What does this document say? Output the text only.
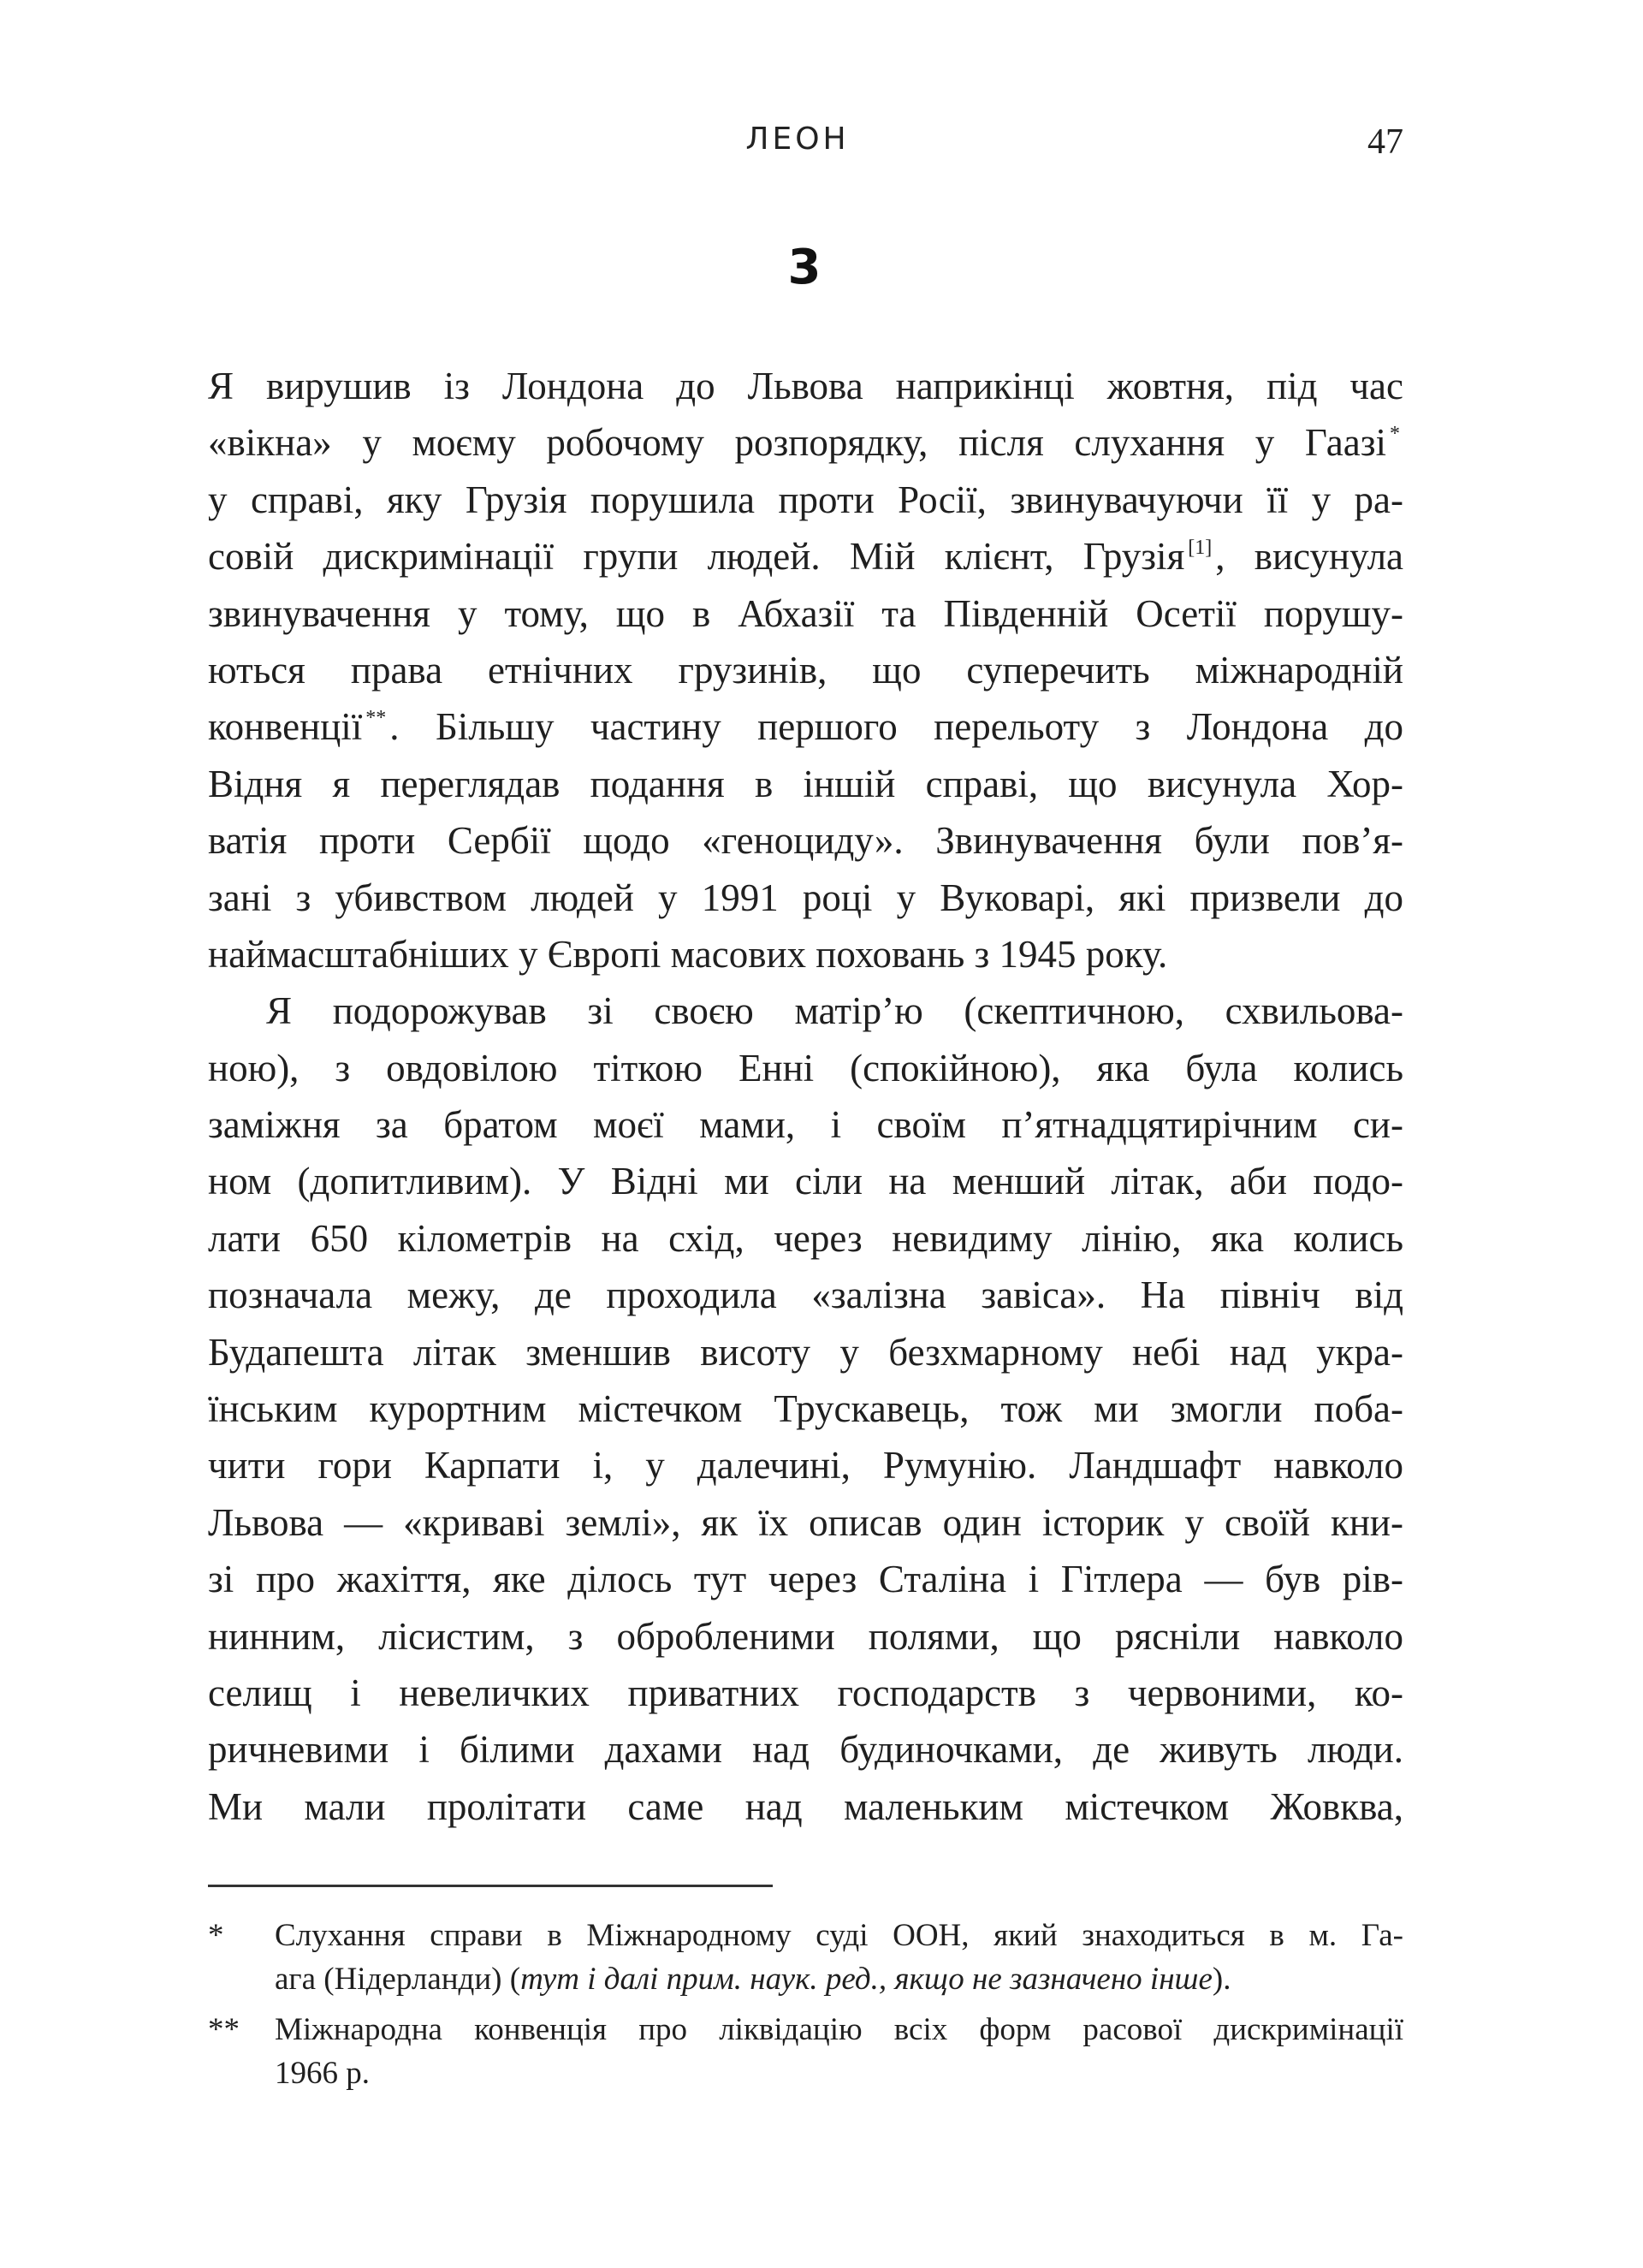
ЛЕОН	47
3
Я вирушив із Лондона до Львова наприкінці жовтня, під час
«вікна» у моєму робочому розпорядку, після слухання у Гаазі *
у справі, яку Грузія порушила проти Росії, звинувачуючи її у ра-
совій дискримінації групи людей. Мій клієнт, Грузія [1], висунула
звинувачення у тому, що в Абхазії та Південній Осетії порушу-
ються права етнічних грузинів, що суперечить міжнародній
конвенції **. Більшу частину першого перельоту з Лондона до
Відня я переглядав подання в іншій справі, що висунула Хор-
ватія проти Сербії щодо «геноциду». Звинувачення були пов’я-
зані з убивством людей у 1991 році у Вуковарі, які призвели до
наймасштабніших у Європі масових поховань з 1945 року.
Я подорожував зі своєю матір’ю (скептичною, схвильова-
ною), з овдовілою тіткою Енні (спокійною), яка була колись
заміжня за братом моєї мами, і своїм п’ятнадцятирічним си-
ном (допитливим). У Відні ми сіли на менший літак, аби подо-
лати 650 кілометрів на схід, через невидиму лінію, яка колись
позначала межу, де проходила «залізна завіса». На північ від
Будапешта літак зменшив висоту у безхмарному небі над укра-
їнським курортним містечком Трускавець, тож ми змогли поба-
чити гори Карпати і, у далечині, Румунію. Ландшафт навколо
Львова — «криваві землі», як їх описав один історик у своїй кни-
зі про жахіття, яке ділось тут через Сталіна і Гітлера — був рів-
нинним, лісистим, з обробленими полями, що рясніли навколо
селищ і невеличких приватних господарств з червоними, ко-
ричневими і білими дахами над будиночками, де живуть люди.
Ми мали пролітати саме над маленьким містечком Жовква,
*	Слухання справи в Міжнародному суді ООН, який знаходиться в м. Га-
ага (Нідерланди) (тут і далі прим. наук. ред., якщо не зазначено інше).
**	Міжнародна конвенція про ліквідацію всіх форм расової дискримінації
1966 р.
